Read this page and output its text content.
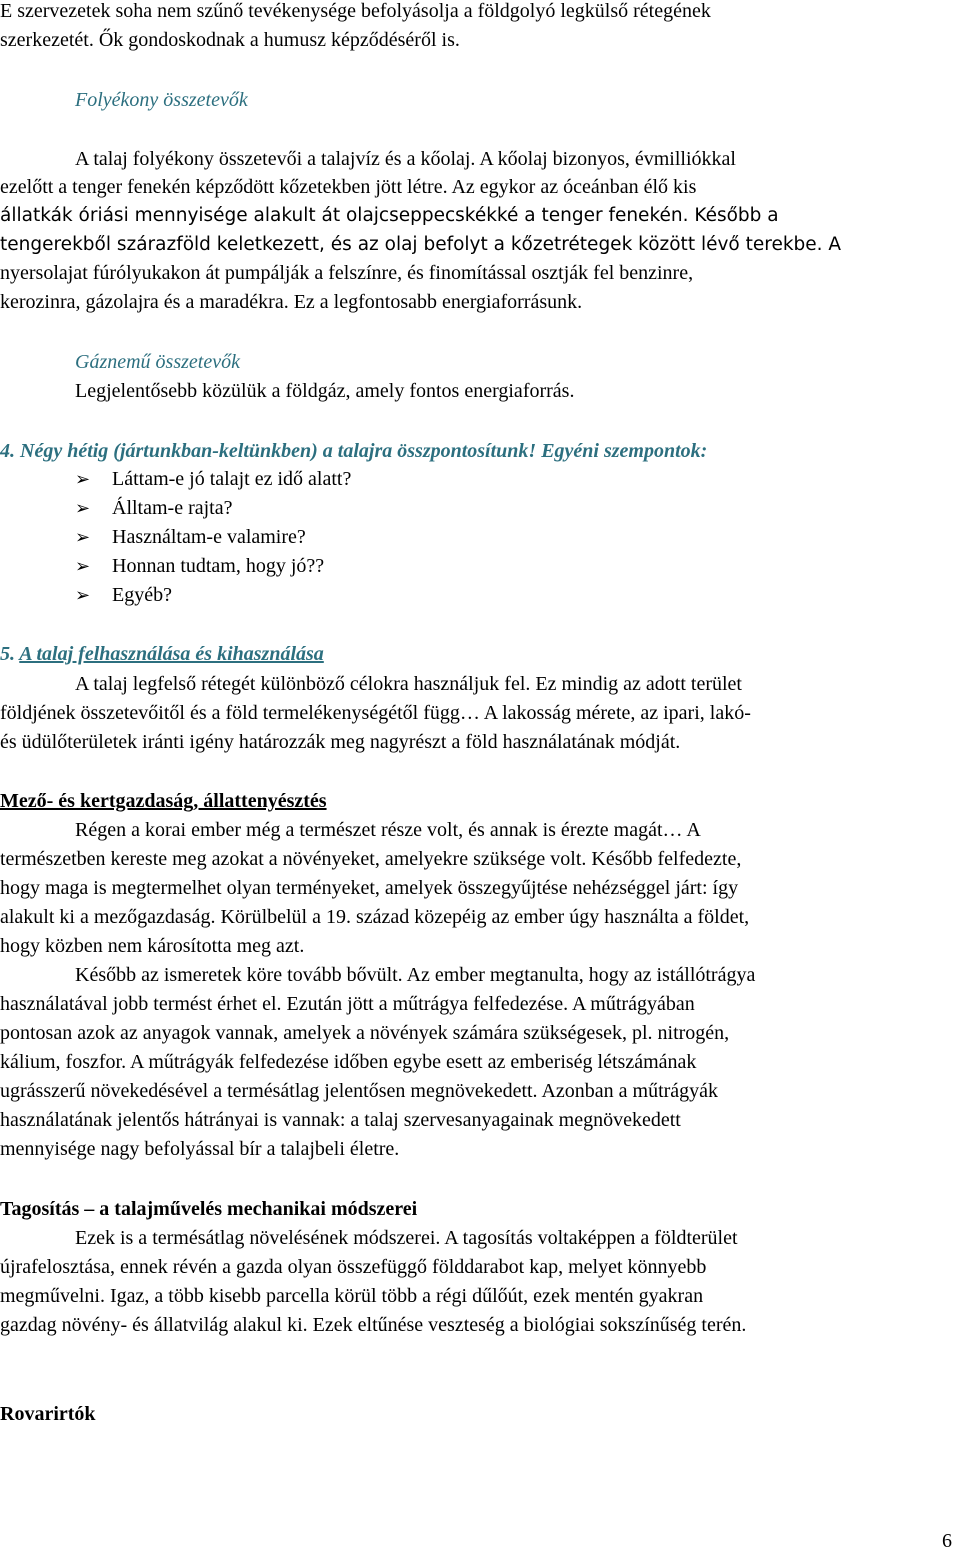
E szervezetek soha nem szűnő tevékenysége befolyásolja a földgolyó legkülső rétegének
szerkezetét. Ők gondoskodnak a humusz képződéséről is.
Folyékony összetevők
A talaj folyékony összetevői a talajvíz és a kőolaj. A kőolaj bizonyos, évmilliókkal
ezelőtt a tenger fenekén képződött kőzetekben jött létre. Az egykor az óceánban élő kis
állatkák óriási mennyisége alakult át olajcseppecskékké a tenger fenekén. Később a
tengerekből szárazföld keletkezett, és az olaj befolyt a kőzetrétegek között lévő terekbe. A
nyersolajat fúrólyukakon át pumpálják a felszínre, és finomítással osztják fel benzinre,
kerozinra, gázolajra és a maradékra. Ez a legfontosabb energiaforrásunk.
Gáznemű összetevők
Legjelentősebb közülük a földgáz, amely fontos energiaforrás.
4. Négy hétig (jártunkban-keltünkben) a talajra összpontosítunk! Egyéni szempontok:
➢ Láttam-e jó talajt ez idő alatt?
➢ Álltam-e rajta?
➢ Használtam-e valamire?
➢ Honnan tudtam, hogy jó??
➢ Egyéb?
5. A talaj felhasználása és kihasználása
A talaj legfelső rétegét különböző célokra használjuk fel. Ez mindig az adott terület
földjének összetevőitől és a föld termelékenységétől függ… A lakosság mérete, az ipari, lakó-
és üdülőterületek iránti igény határozzák meg nagyrészt a föld használatának módját.
Mező- és kertgazdaság, állattenyésztés
Régen a korai ember még a természet része volt, és annak is érezte magát… A
természetben kereste meg azokat a növényeket, amelyekre szüksége volt. Később felfedezte,
hogy maga is megtermelhet olyan terményeket, amelyek összegyűjtése nehézséggel járt: így
alakult ki a mezőgazdaság. Körülbelül a 19. század közepéig az ember úgy használta a földet,
hogy közben nem károsította meg azt.
Később az ismeretek köre tovább bővült. Az ember megtanulta, hogy az istállótrágya
használatával jobb termést érhet el. Ezután jött a műtrágya felfedezése. A műtrágyában
pontosan azok az anyagok vannak, amelyek a növények számára szükségesek, pl. nitrogén,
kálium, foszfor. A műtrágyák felfedezése időben egybe esett az emberiség létszámának
ugrásszerű növekedésével a termésátlag jelentősen megnövekedett. Azonban a műtrágyák
használatának jelentős hátrányai is vannak: a talaj szervesanyagainak megnövekedett
mennyisége nagy befolyással bír a talajbeli életre.
Tagosítás – a talajművelés mechanikai módszerei
Ezek is a termésátlag növelésének módszerei. A tagosítás voltaképpen a földterület
újrafelosztása, ennek révén a gazda olyan összefüggő földdarabot kap, melyet könnyebb
megművelni. Igaz, a több kisebb parcella körül több a régi dűlőút, ezek mentén gyakran
gazdag növény- és állatvilág alakul ki. Ezek eltűnése veszteség a biológiai sokszínűség terén.
Rovarirtók
6
